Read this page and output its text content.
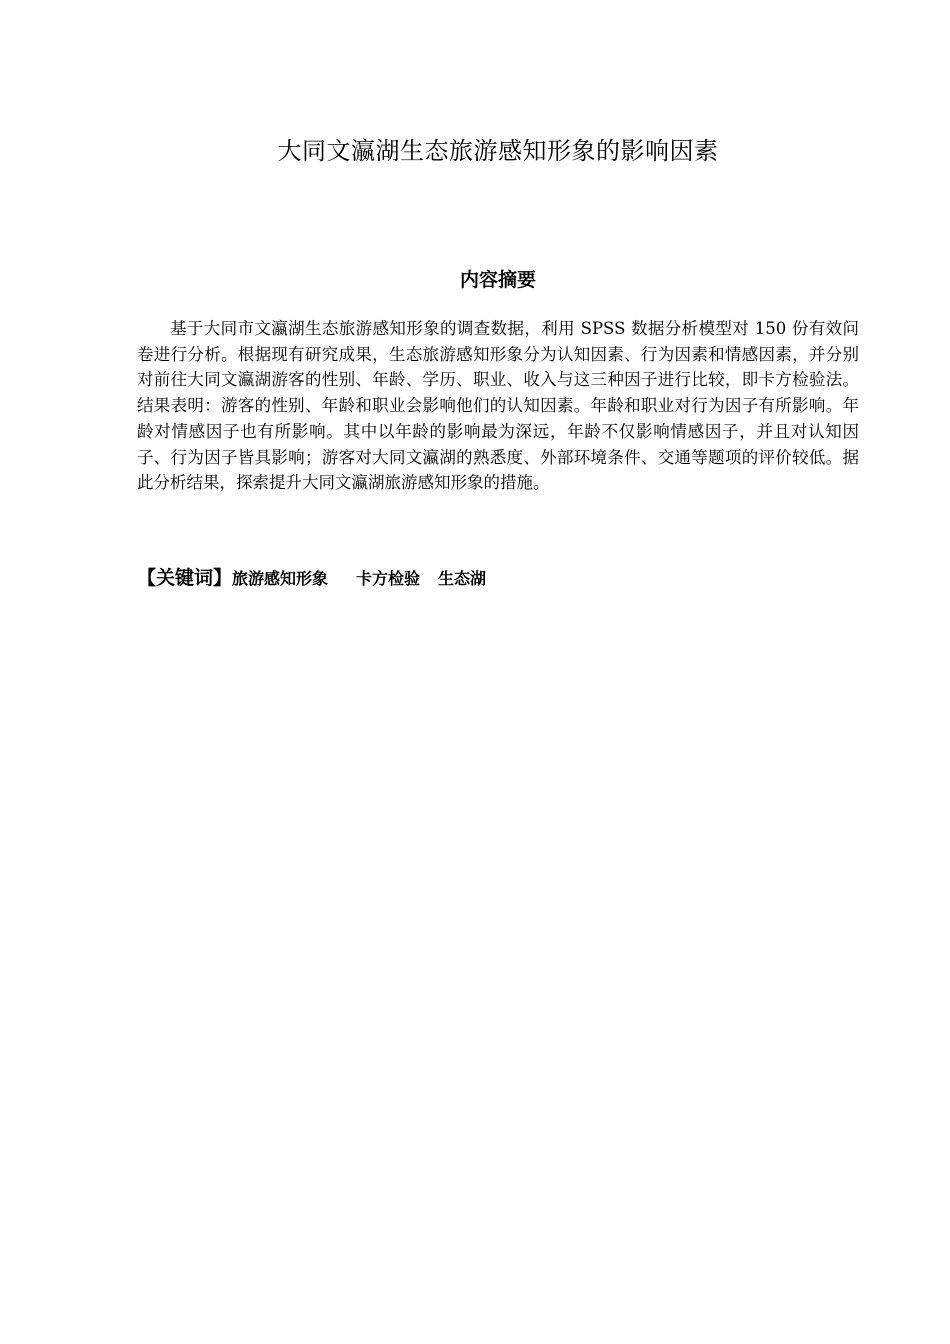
大同文瀛湖生态旅游感知形象的影响因素
内容摘要

基于大同市文瀛湖生态旅游感知形象的调查数据，利用 SPSS 数据分析模型对 150 份有效问卷进行分析。根据现有研究成果，生态旅游感知形象分为认知因素、行为因素和情感因素，并分别对前往大同文瀛湖游客的性别、年龄、学历、职业、收入与这三种因子进行比较，即卡方检验法。结果表明：游客的性别、年龄和职业会影响他们的认知因素。年龄和职业对行为因子有所影响。年龄对情感因子也有所影响。其中以年龄的影响最为深远，年龄不仅影响情感因子，并且对认知因子、行为因子皆具影响；游客对大同文瀛湖的熟悉度、外部环境条件、交通等题项的评价较低。据此分析结果，探索提升大同文瀛湖旅游感知形象的措施。

【关键词】旅游感知形象 卡方检验 生态湖
